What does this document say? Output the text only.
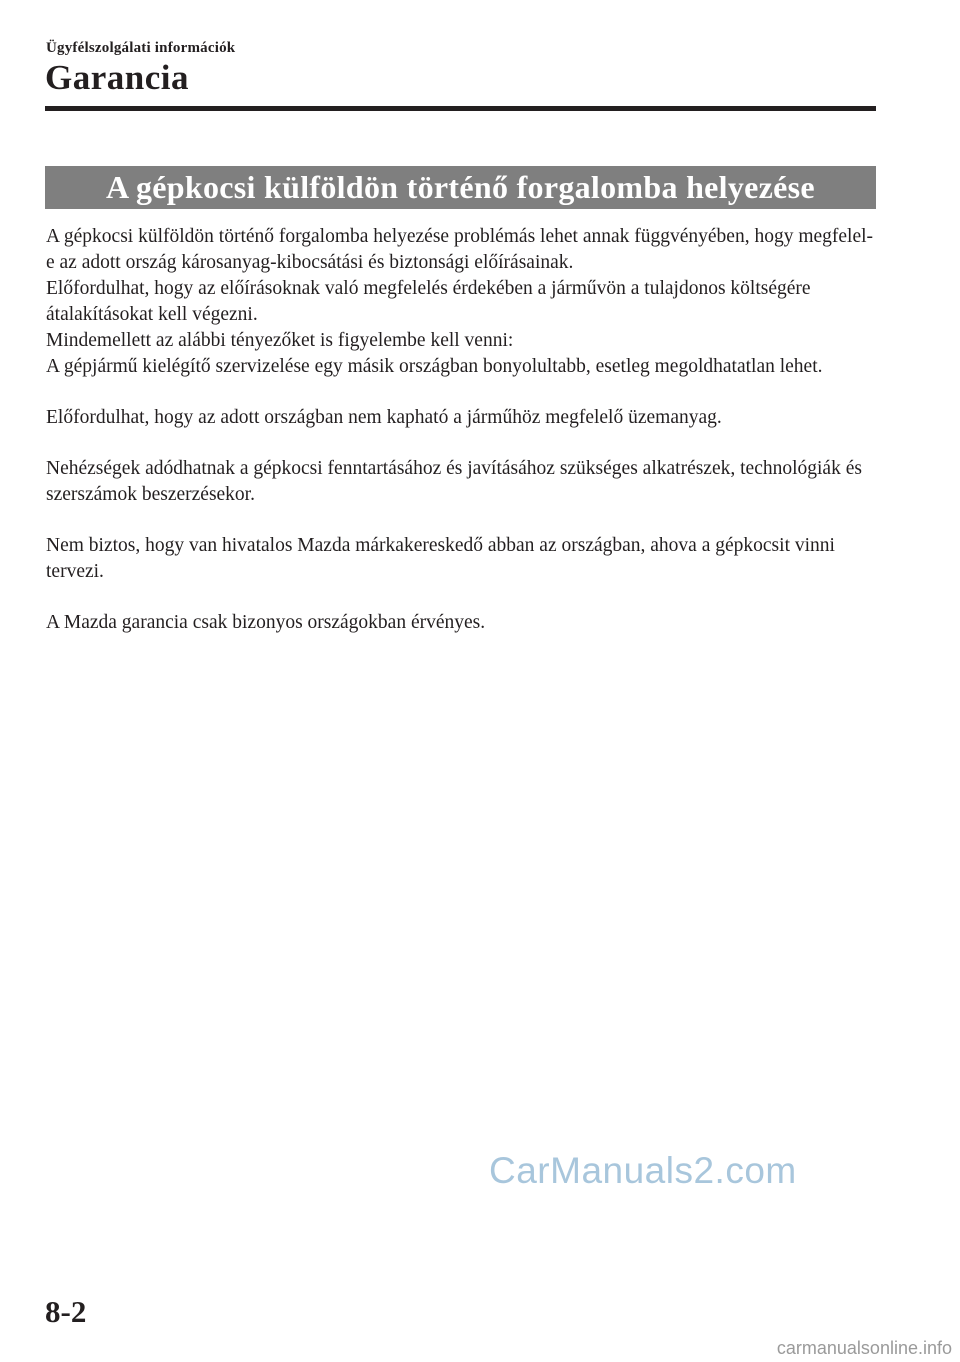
Ügyfélszolgálati információk
Garancia
A gépkocsi külföldön történő forgalomba helyezése

A gépkocsi külföldön történő forgalomba helyezése problémás lehet annak függvényében, hogy megfelel-e az adott ország károsanyag-kibocsátási és biztonsági előírásainak.

Előfordulhat, hogy az előírásoknak való megfelelés érdekében a járművön a tulajdonos költségére átalakításokat kell végezni.

Mindemellett az alábbi tényezőket is figyelembe kell venni:

A gépjármű kielégítő szervizelése egy másik országban bonyolultabb, esetleg megoldhatatlan lehet.

Előfordulhat, hogy az adott országban nem kapható a járműhöz megfelelő üzemanyag.

Nehézségek adódhatnak a gépkocsi fenntartásához és javításához szükséges alkatrészek, technológiák és szerszámok beszerzésekor.

Nem biztos, hogy van hivatalos Mazda márkakereskedő abban az országban, ahova a gépkocsit vinni tervezi.

A Mazda garancia csak bizonyos országokban érvényes.

CarManuals2.com
8-2
carmanualsonline.info
